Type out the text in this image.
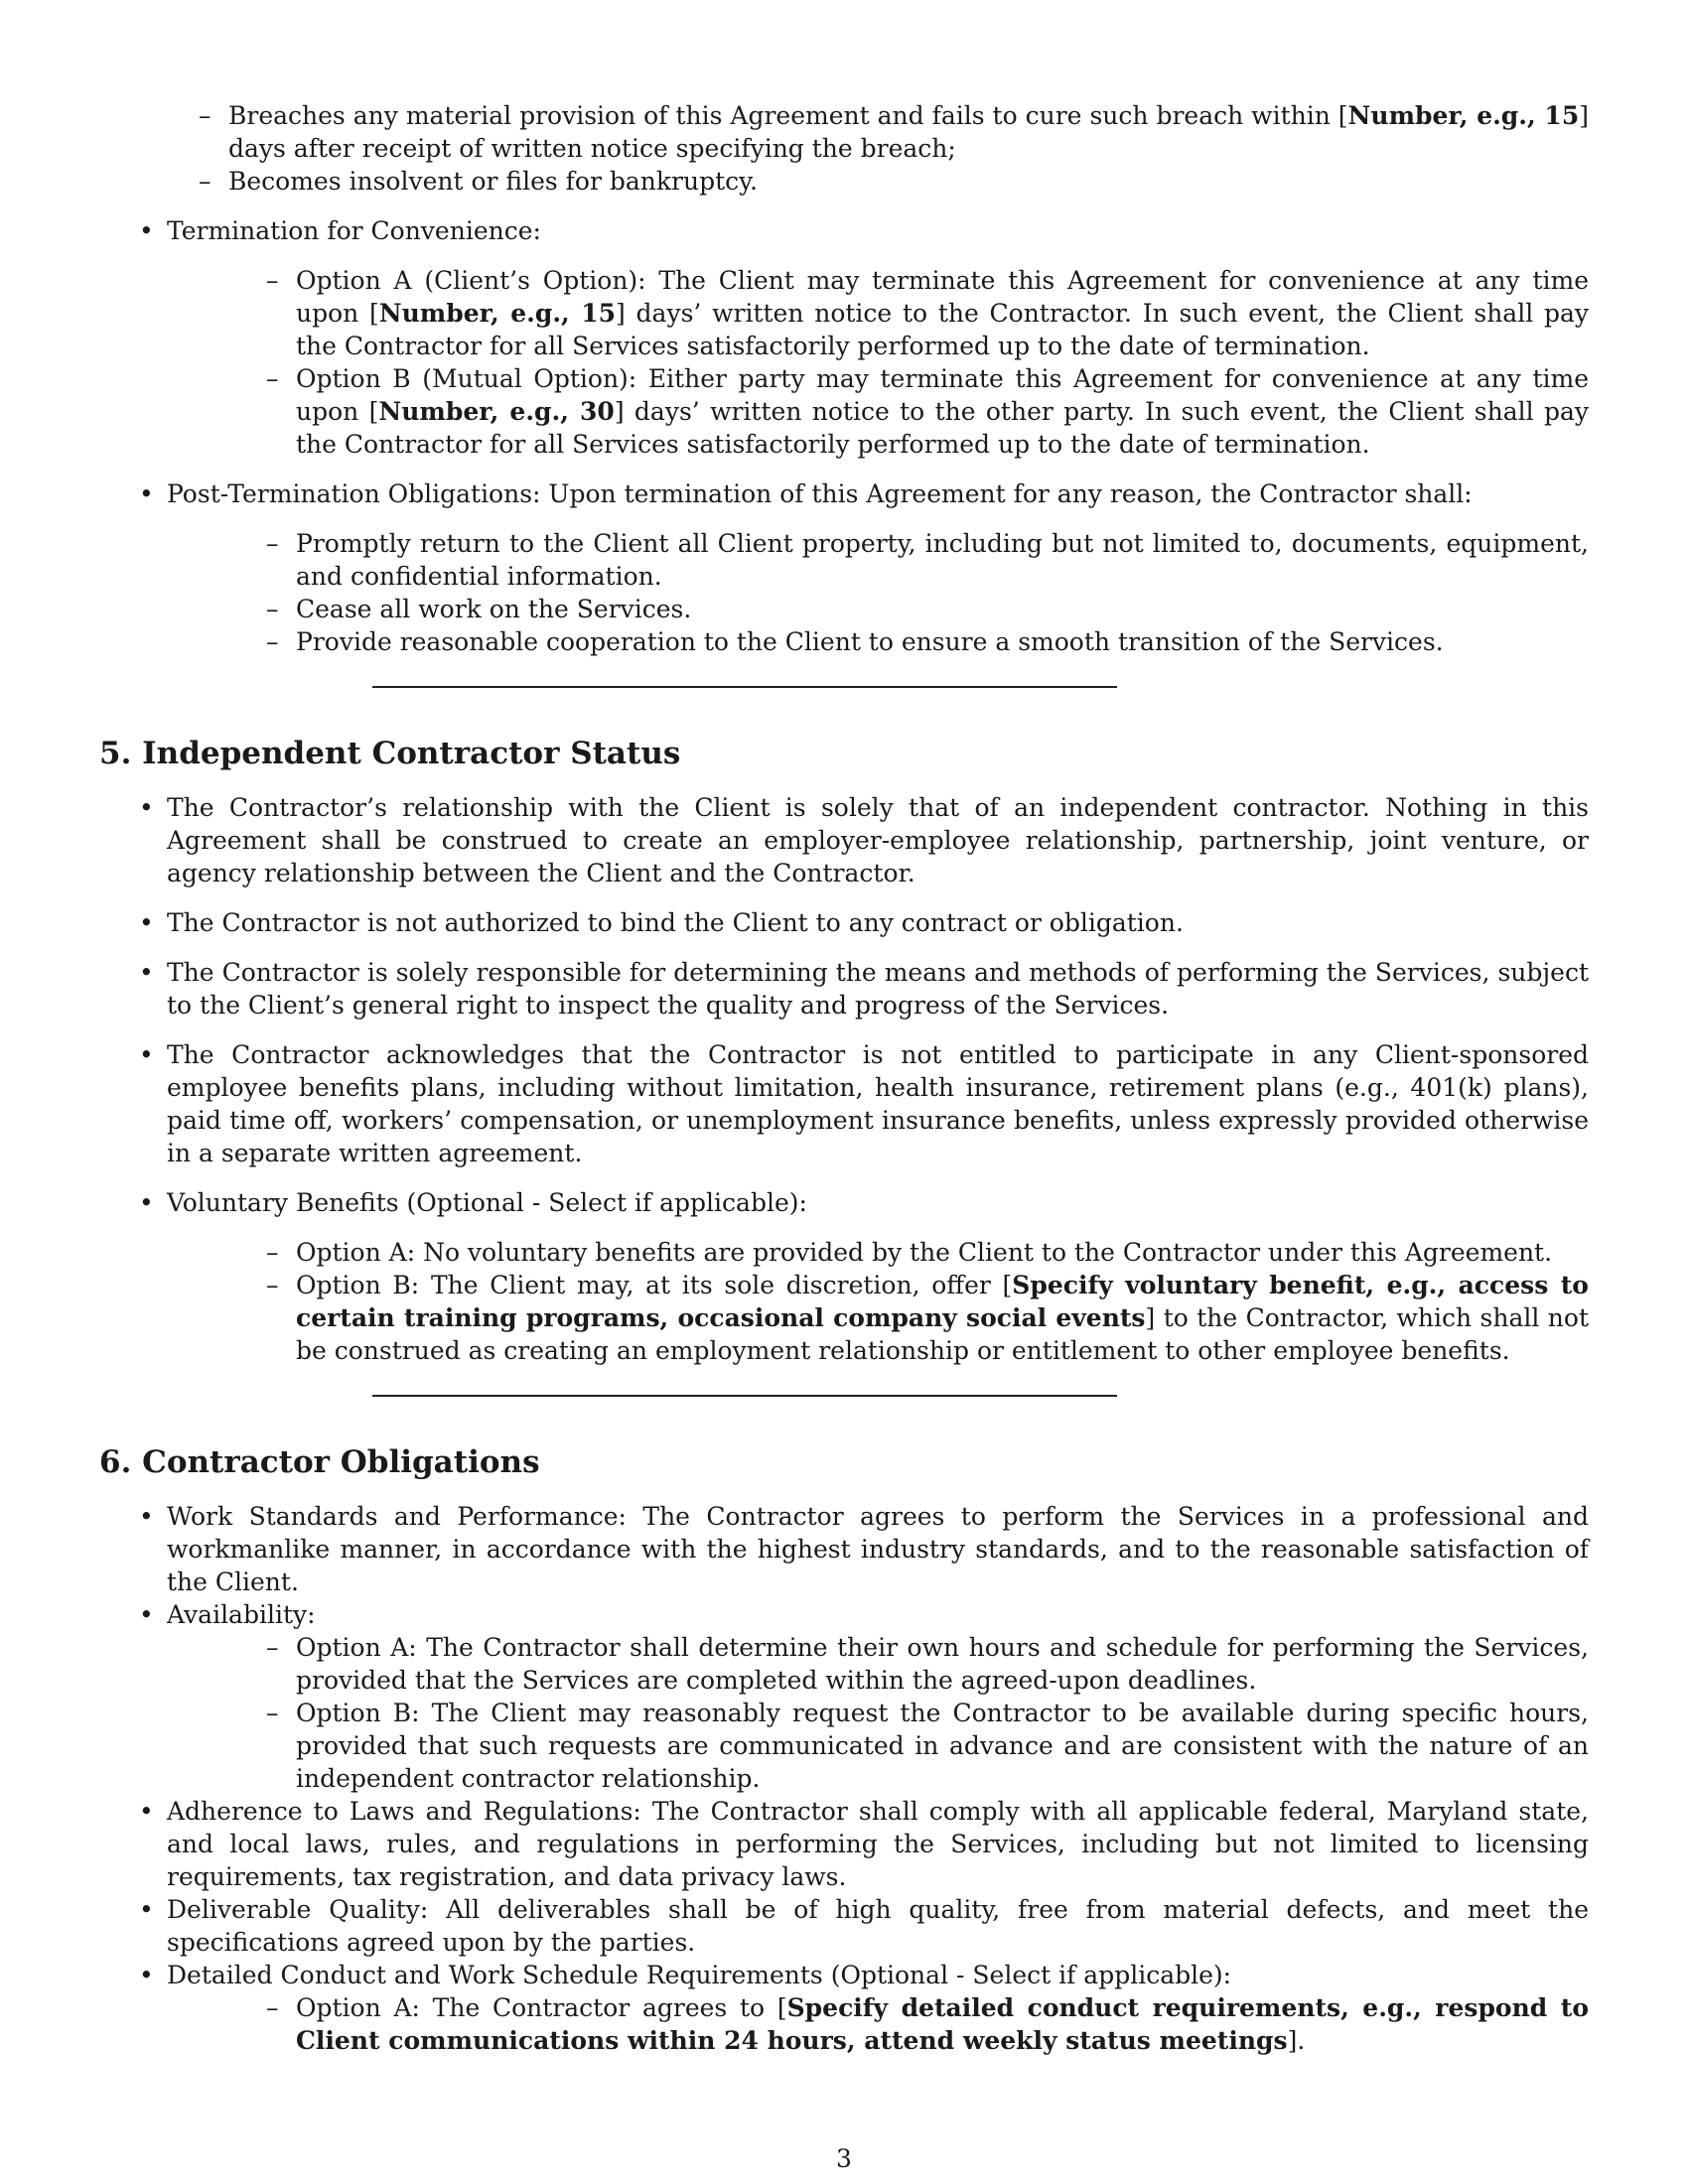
– Breaches any material provision of this Agreement and fails to cure such breach within [Number, e.g., 15] days after receipt of written notice specifying the breach;
– Becomes insolvent or files for bankruptcy.

• Termination for Convenience:

– Option A (Client’s Option): The Client may terminate this Agreement for convenience at any time upon [Number, e.g., 15] days’ written notice to the Contractor. In such event, the Client shall pay the Contractor for all Services satisfactorily performed up to the date of termination.
– Option B (Mutual Option): Either party may terminate this Agreement for convenience at any time upon [Number, e.g., 30] days’ written notice to the other party. In such event, the Client shall pay the Contractor for all Services satisfactorily performed up to the date of termination.

• Post-Termination Obligations: Upon termination of this Agreement for any reason, the Contractor shall:

– Promptly return to the Client all Client property, including but not limited to, documents, equipment, and confidential information.
– Cease all work on the Services.
– Provide reasonable cooperation to the Client to ensure a smooth transition of the Services.
5. Independent Contractor Status

• The Contractor’s relationship with the Client is solely that of an independent contractor. Nothing in this Agreement shall be construed to create an employer-employee relationship, partnership, joint venture, or agency relationship between the Client and the Contractor.

• The Contractor is not authorized to bind the Client to any contract or obligation.

• The Contractor is solely responsible for determining the means and methods of performing the Services, subject to the Client’s general right to inspect the quality and progress of the Services.

• The Contractor acknowledges that the Contractor is not entitled to participate in any Client-sponsored employee benefits plans, including without limitation, health insurance, retirement plans (e.g., 401(k) plans), paid time off, workers’ compensation, or unemployment insurance benefits, unless expressly provided otherwise in a separate written agreement.

• Voluntary Benefits (Optional - Select if applicable):

– Option A: No voluntary benefits are provided by the Client to the Contractor under this Agreement.
– Option B: The Client may, at its sole discretion, offer [Specify voluntary benefit, e.g., access to certain training programs, occasional company social events] to the Contractor, which shall not be construed as creating an employment relationship or entitlement to other employee benefits.
6. Contractor Obligations

• Work Standards and Performance: The Contractor agrees to perform the Services in a professional and workmanlike manner, in accordance with the highest industry standards, and to the reasonable satisfaction of the Client.

• Availability:

– Option A: The Contractor shall determine their own hours and schedule for performing the Services, provided that the Services are completed within the agreed-upon deadlines.
– Option B: The Client may reasonably request the Contractor to be available during specific hours, provided that such requests are communicated in advance and are consistent with the nature of an independent contractor relationship.

• Adherence to Laws and Regulations: The Contractor shall comply with all applicable federal, Maryland state, and local laws, rules, and regulations in performing the Services, including but not limited to licensing requirements, tax registration, and data privacy laws.

• Deliverable Quality: All deliverables shall be of high quality, free from material defects, and meet the specifications agreed upon by the parties.

• Detailed Conduct and Work Schedule Requirements (Optional - Select if applicable):

– Option A: The Contractor agrees to [Specify detailed conduct requirements, e.g., respond to Client communications within 24 hours, attend weekly status meetings].
3
